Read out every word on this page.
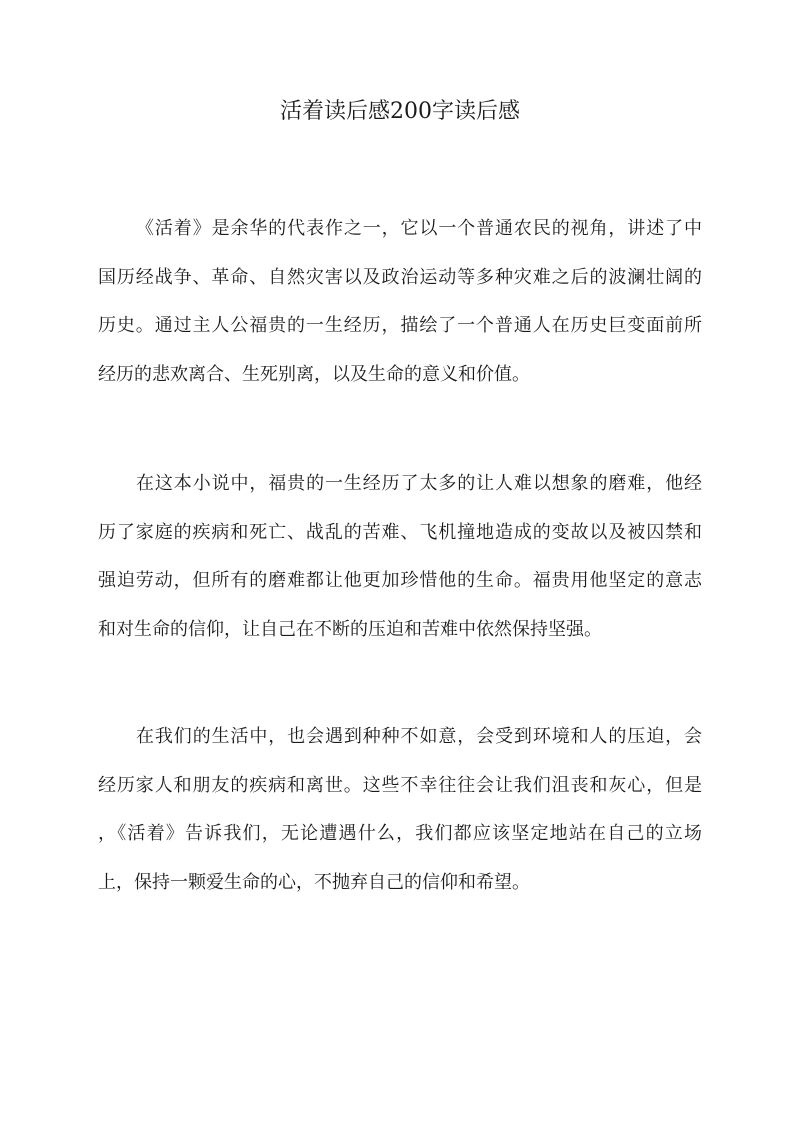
活着读后感200字读后感
《活着》是余华的代表作之一，它以一个普通农民的视角，讲述了中
国历经战争、革命、自然灾害以及政治运动等多种灾难之后的波澜壮阔的
历史。通过主人公福贵的一生经历，描绘了一个普通人在历史巨变面前所
经历的悲欢离合、生死别离，以及生命的意义和价值。
在这本小说中，福贵的一生经历了太多的让人难以想象的磨难，他经
历了家庭的疾病和死亡、战乱的苦难、飞机撞地造成的变故以及被囚禁和
强迫劳动，但所有的磨难都让他更加珍惜他的生命。福贵用他坚定的意志
和对生命的信仰，让自己在不断的压迫和苦难中依然保持坚强。
在我们的生活中，也会遇到种种不如意，会受到环境和人的压迫，会
经历家人和朋友的疾病和离世。这些不幸往往会让我们沮丧和灰心，但是
，《活着》告诉我们，无论遭遇什么，我们都应该坚定地站在自己的立场
上，保持一颗爱生命的心，不抛弃自己的信仰和希望。
